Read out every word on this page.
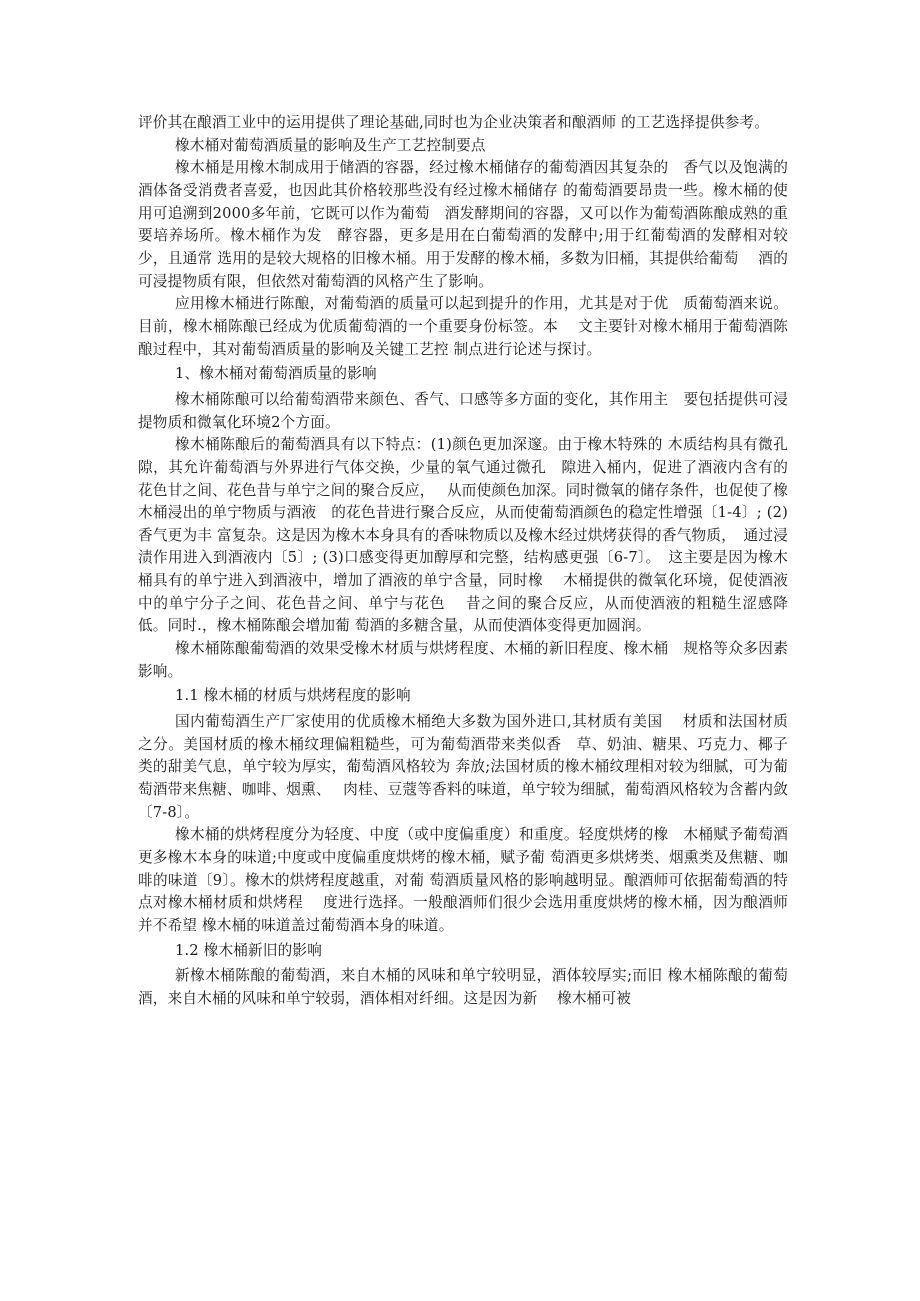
评价其在酿酒工业中的运用提供了理论基础,同时也为企业决策者和酿酒师 的工艺选择提供参考。

橡木桶对葡萄酒质量的影响及生产工艺控制要点

橡木桶是用橡木制成用于储酒的容器，经过橡木桶储存的葡萄酒因其复杂的　香气以及饱满的酒体备受消费者喜爱，也因此其价格较那些没有经过橡木桶储存 的葡萄酒要昂贵一些。橡木桶的使用可追溯到2000多年前，它既可以作为葡萄　酒发酵期间的容器，又可以作为葡萄酒陈酿成熟的重要培养场所。橡木桶作为发　酵容器，更多是用在白葡萄酒的发酵中;用于红葡萄酒的发酵相对较少，且通常 选用的是较大规格的旧橡木桶。用于发酵的橡木桶，多数为旧桶，其提供给葡萄　 酒的可浸提物质有限，但依然对葡萄酒的风格产生了影响。

应用橡木桶进行陈酿，对葡萄酒的质量可以起到提升的作用，尤其是对于优　质葡萄酒来说。目前，橡木桶陈酿已经成为优质葡萄酒的一个重要身份标签。本　 文主要针对橡木桶用于葡萄酒陈酿过程中，其对葡萄酒质量的影响及关键工艺控 制点进行论述与探讨。

1、橡木桶对葡萄酒质量的影响

橡木桶陈酿可以给葡萄酒带来颜色、香气、口感等多方面的变化，其作用主　要包括提供可浸提物质和微氧化环境2个方面。

橡木桶陈酿后的葡萄酒具有以下特点：(1)颜色更加深邃。由于橡木特殊的 木质结构具有微孔隙，其允许葡萄酒与外界进行气体交换，少量的氧气通过微孔　隙进入桶内，促进了酒液内含有的花色甘之间、花色昔与单宁之间的聚合反应，　 从而使颜色加深。同时微氧的储存条件，也促使了橡木桶浸出的单宁物质与酒液　的花色昔进行聚合反应，从而使葡萄酒颜色的稳定性增强〔1-4〕; (2)香气更为丰 富复杂。这是因为橡木本身具有的香味物质以及橡木经过烘烤获得的香气物质，　通过浸渍作用进入到酒液内〔5〕; (3)口感变得更加醇厚和完整，结构感更强〔6-7〕。　这主要是因为橡木桶具有的单宁进入到酒液中，增加了酒液的单宁含量，同时橡　 木桶提供的微氧化环境，促使酒液中的单宁分子之间、花色昔之间、单宁与花色　 昔之间的聚合反应，从而使酒液的粗糙生涩感降低。同时.，橡木桶陈酿会增加葡 萄酒的多糖含量，从而使酒体变得更加圆润。

橡木桶陈酿葡萄酒的效果受橡木材质与烘烤程度、木桶的新旧程度、橡木桶　规格等众多因素影响。

1.1 橡木桶的材质与烘烤程度的影响

国内葡萄酒生产厂家使用的优质橡木桶绝大多数为国外进口,其材质有美国　 材质和法国材质之分。美国材质的橡木桶纹理偏粗糙些，可为葡萄酒带来类似香　草、奶油、糖果、巧克力、椰子类的甜美气息，单宁较为厚实，葡萄酒风格较为 奔放;法国材质的橡木桶纹理相对较为细腻，可为葡萄酒带来焦糖、咖啡、烟熏、　 肉桂、豆蔻等香料的味道，单宁较为细腻，葡萄酒风格较为含蓄内敛〔7-8〕。

橡木桶的烘烤程度分为轻度、中度（或中度偏重度）和重度。轻度烘烤的橡　木桶赋予葡萄酒更多橡木本身的味道;中度或中度偏重度烘烤的橡木桶，赋予葡 萄酒更多烘烤类、烟熏类及焦糖、咖啡的味道〔9〕。橡木的烘烤程度越重，对葡 萄酒质量风格的影响越明显。酿酒师可依据葡萄酒的特点对橡木桶材质和烘烤程　 度进行选择。一般酿酒师们很少会选用重度烘烤的橡木桶，因为酿酒师并不希望 橡木桶的味道盖过葡萄酒本身的味道。

1.2 橡木桶新旧的影响

新橡木桶陈酿的葡萄酒，来自木桶的风味和单宁较明显，酒体较厚实;而旧 橡木桶陈酿的葡萄酒，来自木桶的风味和单宁较弱，酒体相对纤细。这是因为新　 橡木桶可被
